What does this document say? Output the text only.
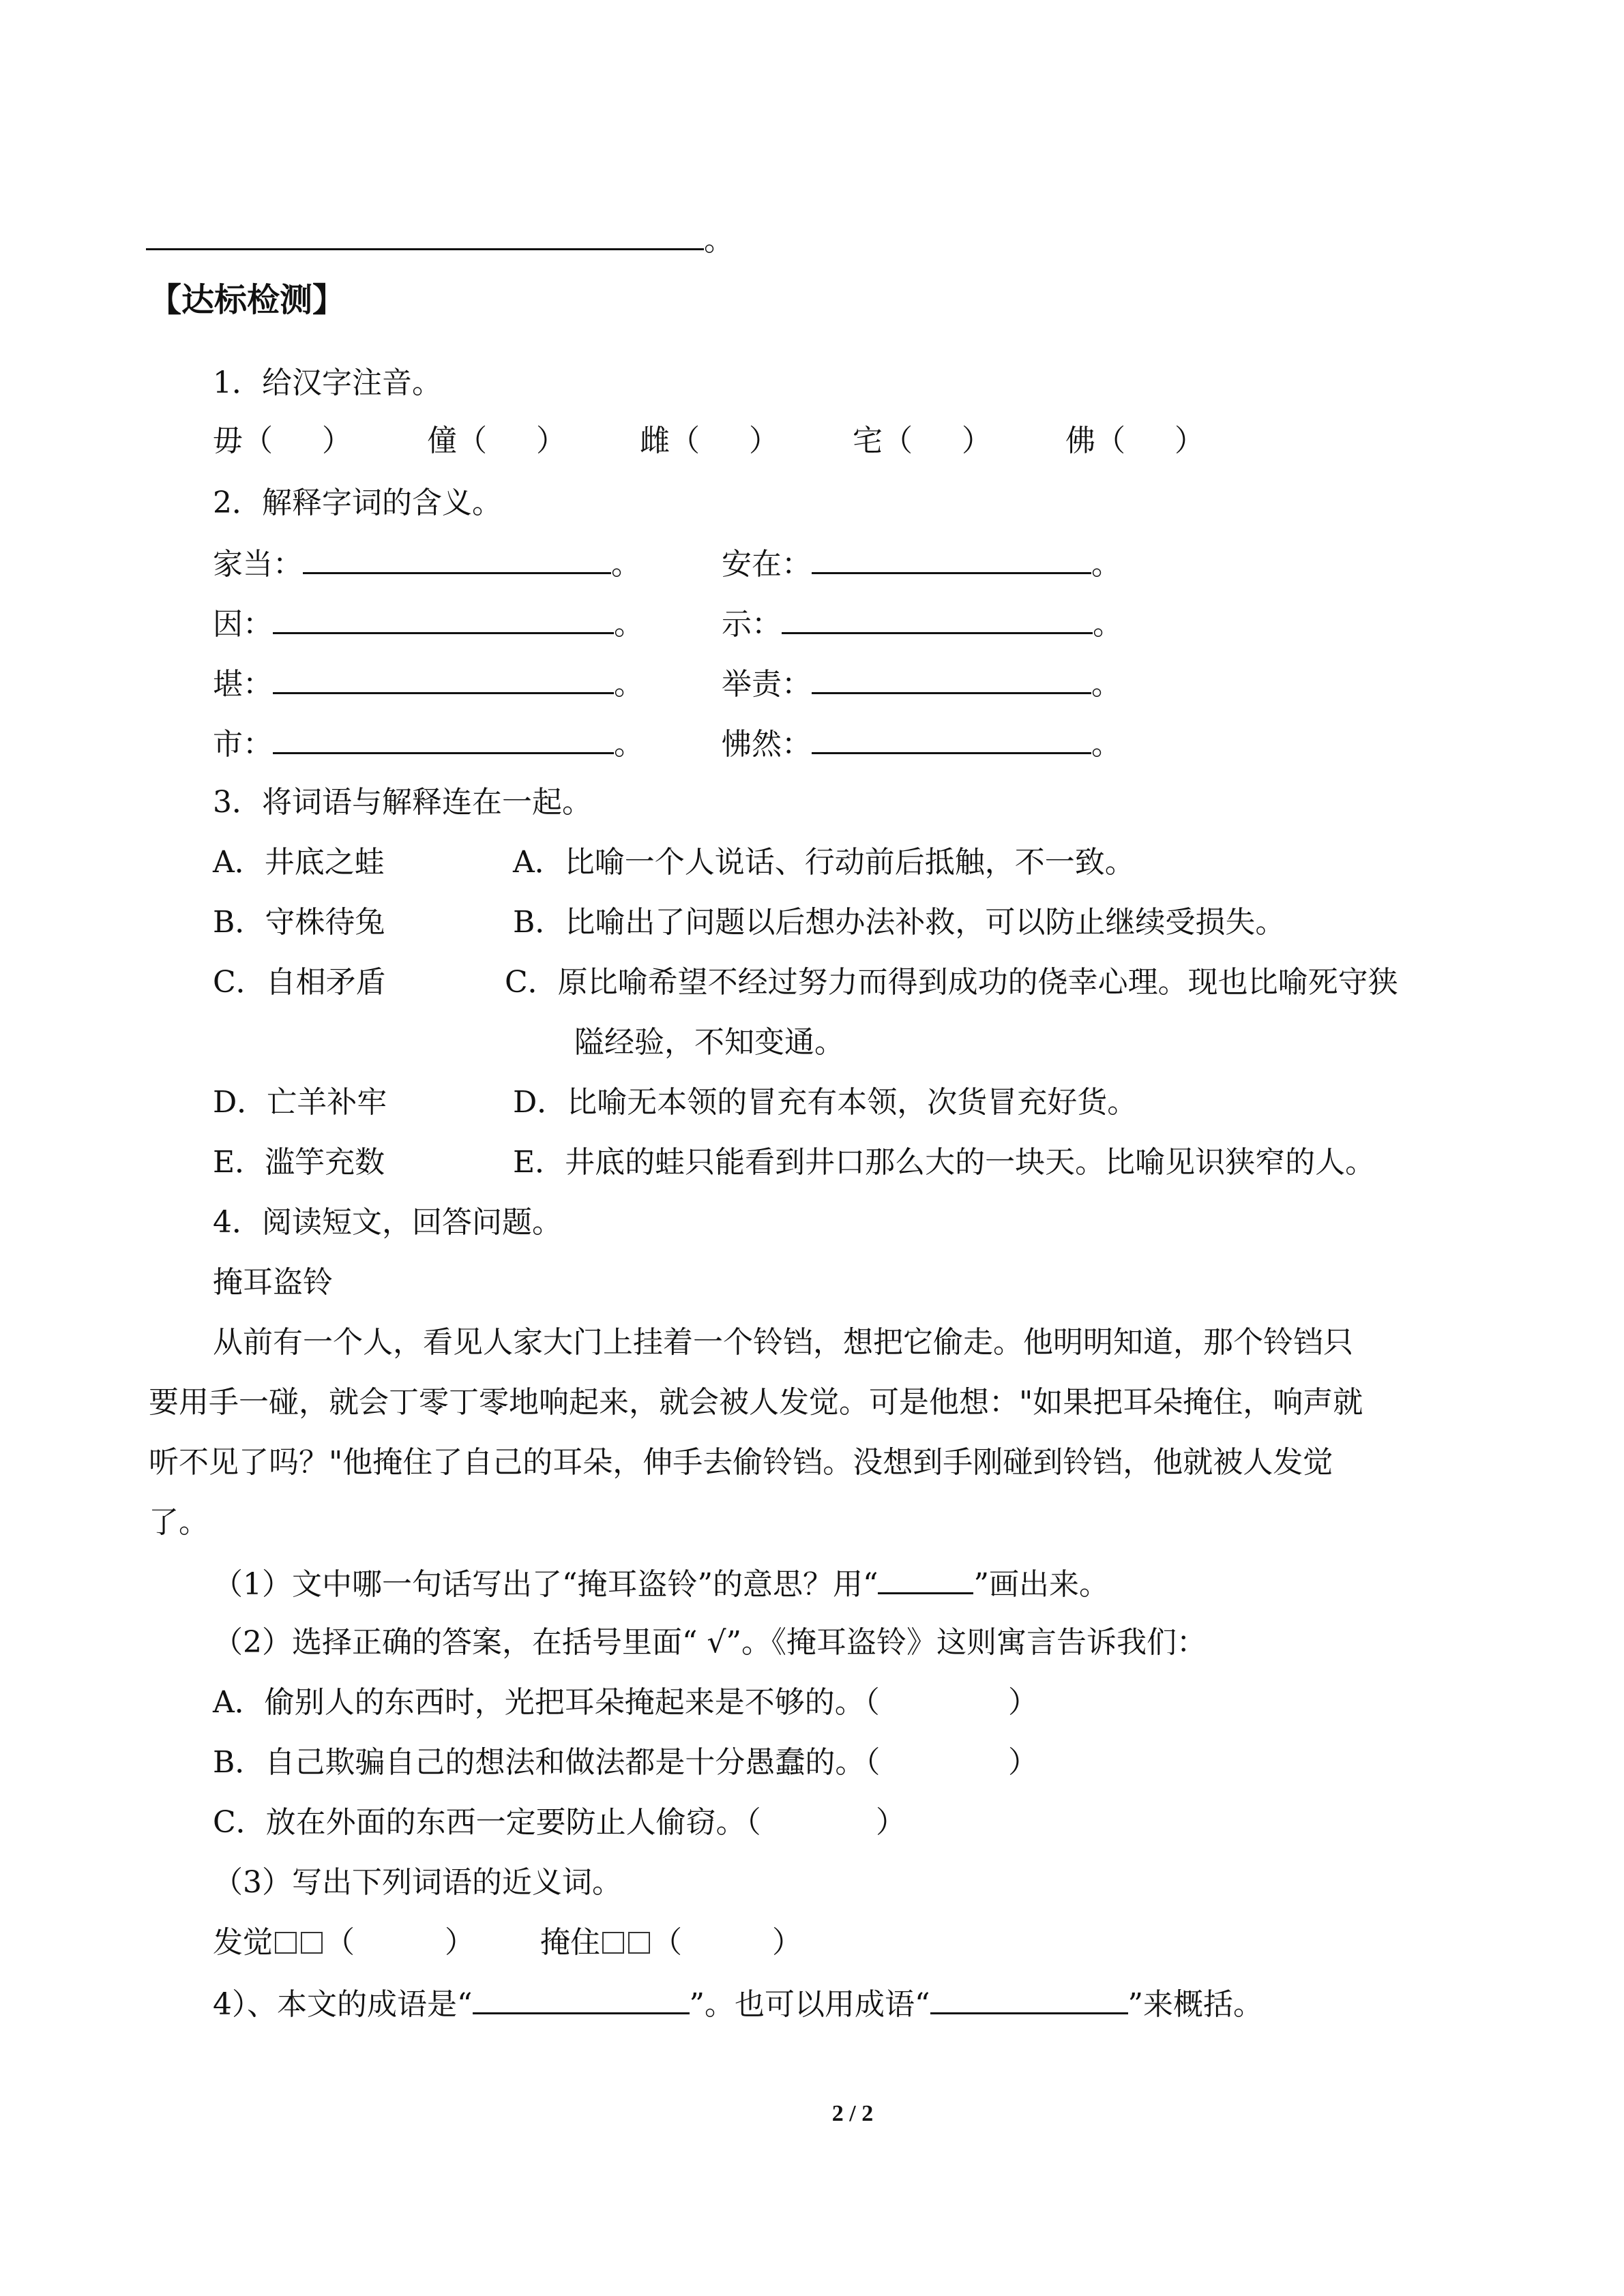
。
【达标检测】
1．给汉字注音。
毋（ ）	僮（ ） 雌（ ） 宅（ ） 佛（ ）
2．解释字词的含义。
家当：	。	安在：	。
因：	。	示：	。
堪：	。	举责：	。
市：	。	怫然：	。
3．将词语与解释连在一起。
A．井底之蛙	A．比喻一个人说话、行动前后抵触，不一致。
B．守株待兔	B．比喻出了问题以后想办法补救，可以防止继续受损失。
C．自相矛盾	C．原比喻希望不经过努力而得到成功的侥幸心理。现也比喻死守狭
隘经验，不知变通。
D．亡羊补牢	D．比喻无本领的冒充有本领，次货冒充好货。
E．滥竽充数	E．井底的蛙只能看到井口那么大的一块天。比喻见识狭窄的人。
4．阅读短文，回答问题。
掩耳盗铃
从前有一个人，看见人家大门上挂着一个铃铛，想把它偷走。他明明知道，那个铃铛只
要用手一碰，就会丁零丁零地响起来，就会被人发觉。可是他想："如果把耳朵掩住，响声就
听不见了吗？"他掩住了自己的耳朵，伸手去偷铃铛。没想到手刚碰到铃铛，他就被人发觉
了。
（1）文中哪一句话写出了“掩耳盗铃”的意思？用“	”画出来。
（2）选择正确的答案，在括号里面“ √”。《掩耳盗铃》这则寓言告诉我们：
A．偷别人的东西时，光把耳朵掩起来是不够的。（	）
B．自己欺骗自己的想法和做法都是十分愚蠢的。（	）
C．放在外面的东西一定要防止人偷窃。（	）
（3）写出下列词语的近义词。
发觉 （	） 掩住 （	）
4）、本文的成语是“	”。也可以用成语“	”来概括。
2 / 2
